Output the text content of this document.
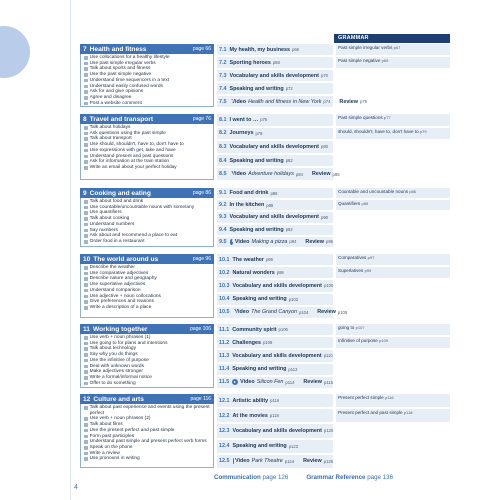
GRAMMAR
7 Health and fitness	page 66
Use collocations for a healthy lifestyle
Use past simple irregular verbs
Talk about sports and fitness
Use the past simple negative
Understand time sequencers in a text
Understand easily confused words
Ask for and give opinions
Agree and disagree
Post a website comment
7.1 My health, my business p66
7.2 Sporting heroes p68
7.3 Vocabulary and skills development p70
7.4 Speaking and writing p72
7.5 Video Health and fitness in New York p74 Review p75
Past simple irregular verbs p67
Past simple negative p69
8 Travel and transport	page 76
Talk about holidays
Ask questions using the past simple
Talk about transport
Use should, shouldn't, have to, don't have to
Use expressions with get, take and have
Understand present and past questions
Ask for information at the train station
Write an email about your perfect holiday
8.1 I went to … p76
8.2 Journeys p78
8.3 Vocabulary and skills development p80
8.4 Speaking and writing p82
8.5 Video Adventure holidays p84 Review p85
Past simple questions p77
should, shouldn't, have to, don't have to p79
9 Cooking and eating	page 86
Talk about food and drink
Use countable/uncountable nouns with some/any
Use quantifiers
Talk about cooking
Understand numbers
Say numbers
Ask about and recommend a place to eat
Order food in a restaurant
9.1 Food and drink p86
9.2 In the kitchen p88
9.3 Vocabulary and skills development p90
9.4 Speaking and writing p92
9.5 Video Making a pizza p94 Review p95
Countable and uncountable nouns p86
Quantifiers p89
10 The world around us	page 96
Describe the weather
Use comparative adjectives
Describe nature and geography
Use superlative adjectives
Understand comparison
Use adjective + noun collocations
Give preferences and reasons
Write a description of a place
10.1 The weather p96
10.2 Natural wonders p98
10.3 Vocabulary and skills development p100
10.4 Speaking and writing p102
10.5 Video The Grand Canyon p104 Review p105
Comparatives p97
Superlatives p99
11 Working together	page 106
Use verb + noun phrases (1)
Use going to for plans and intentions
Talk about technology
Say why you do things
Use the infinitive of purpose
Deal with unknown words
Make adjectives stronger
Write a formal/informal notice
Offer to do something
11.1 Community spirit p106
11.2 Challenges p108
11.3 Vocabulary and skills development p110
11.4 Speaking and writing p112
11.5 Video Silicon Fen p114 Review p115
going to p107
Infinitive of purpose p109
12 Culture and arts	page 116
Talk about past experience and events using the present perfect
Use verb + noun phrases (2)
Talk about films
Use the present perfect and past simple
Form past participles
Understand past simple and present perfect verb forms
Speak on the phone
Write a review
Use pronouns in writing
12.1 Artistic ability p116
12.2 At the movies p118
12.3 Vocabulary and skills development p120
12.4 Speaking and writing p122
12.5 Video Park Theatre p124 Review p125
Present perfect simple p116
Present perfect and past simple p118
Communication page 126	Grammar Reference page 136
4
